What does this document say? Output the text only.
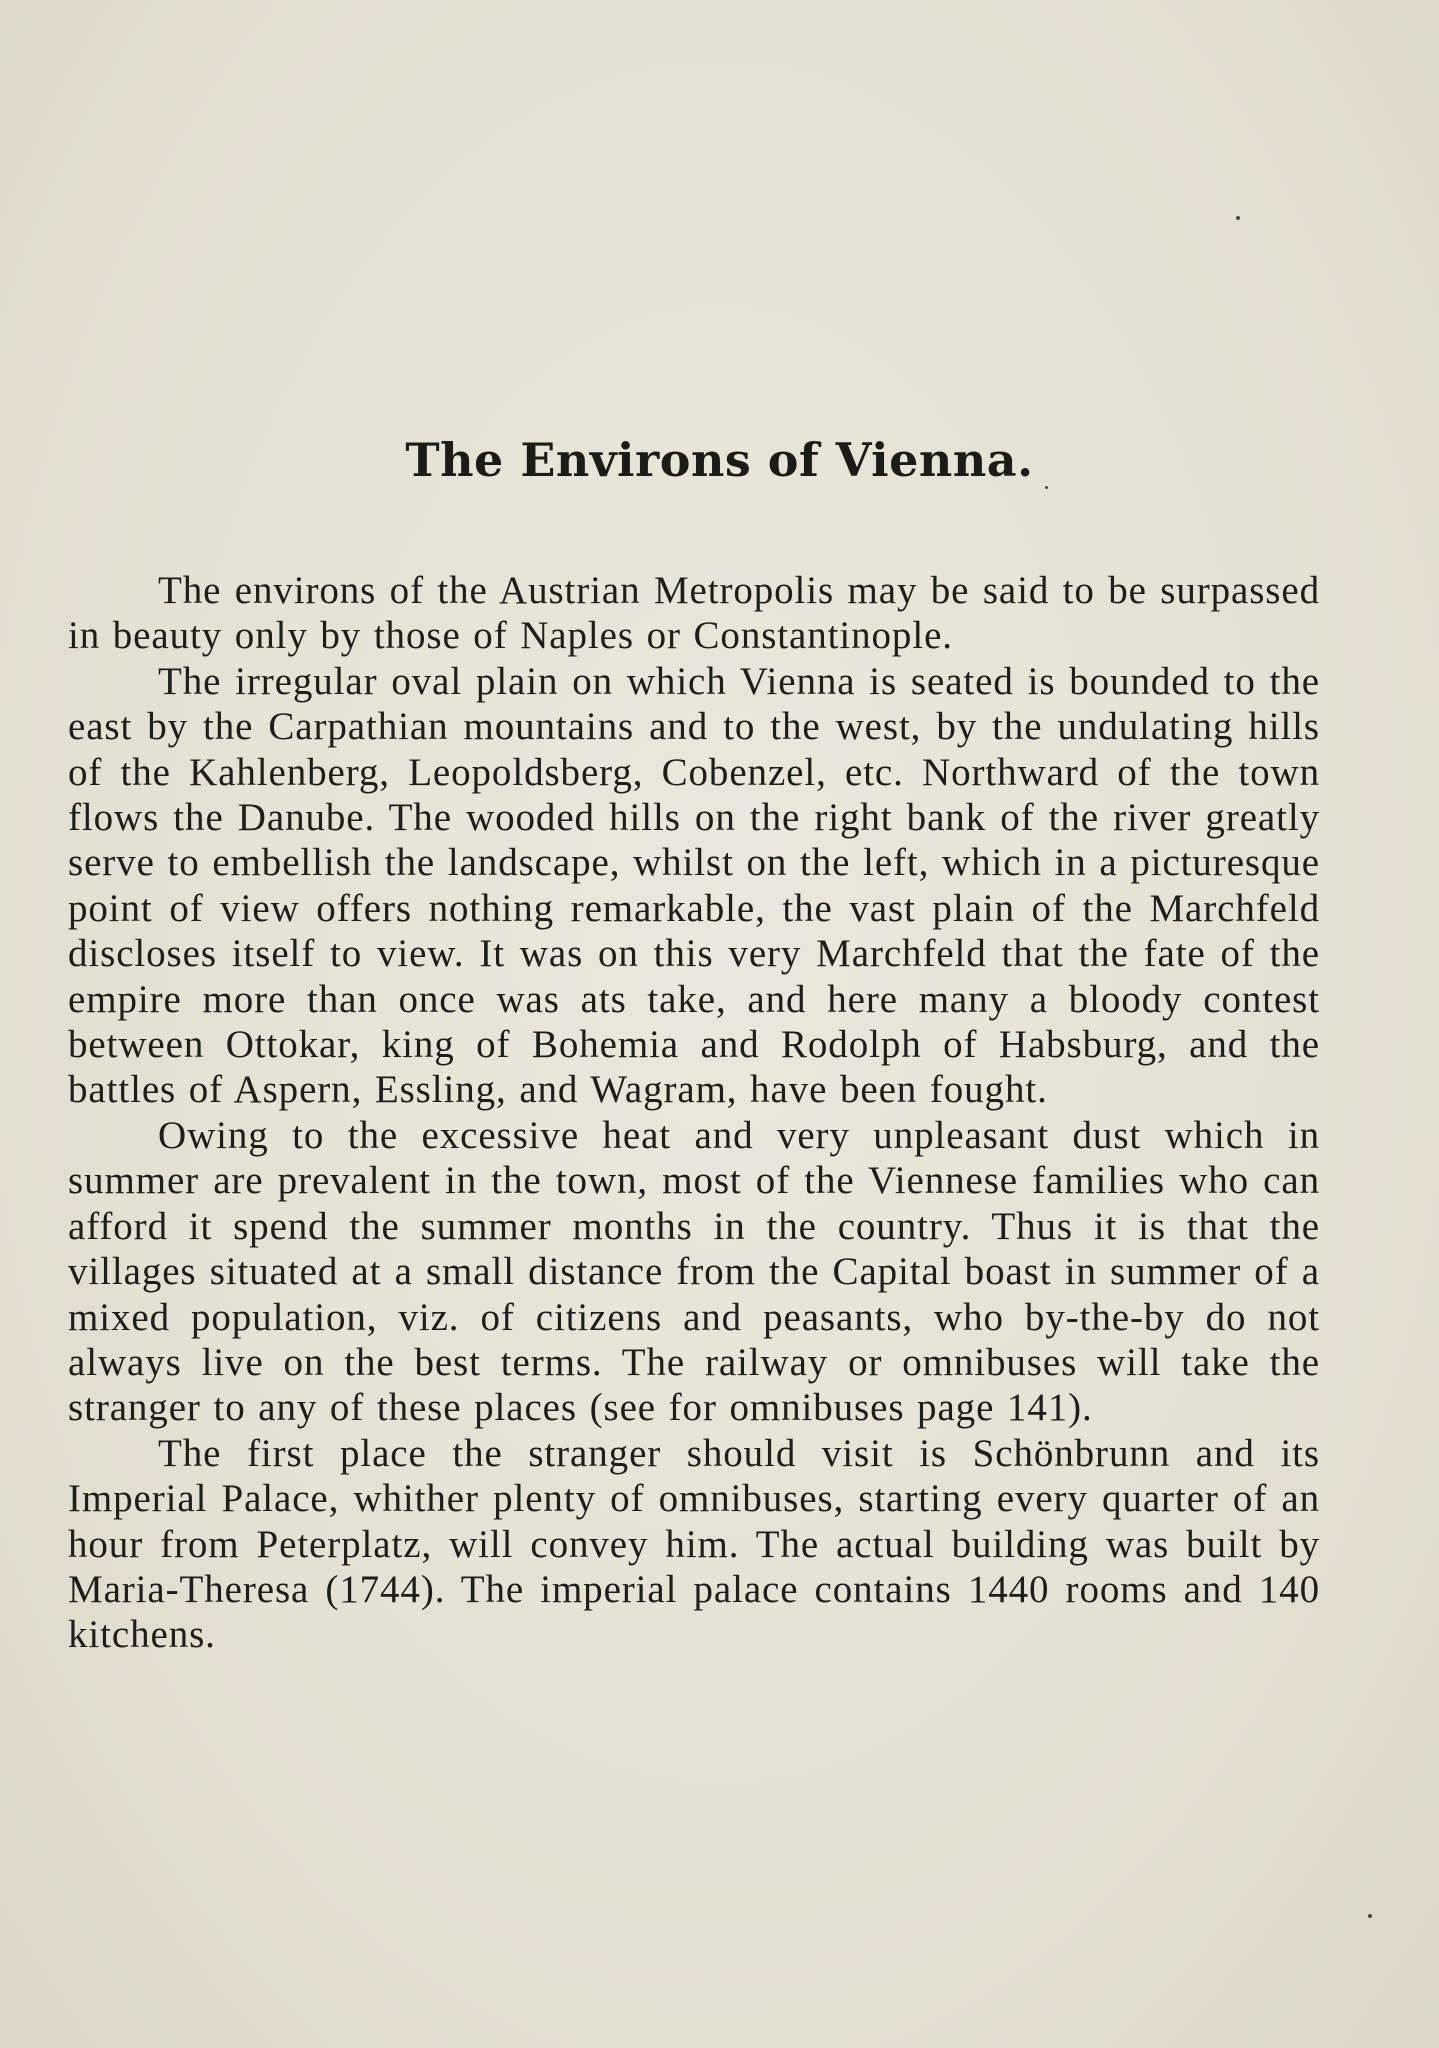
The Environs of Vienna.

The environs of the Austrian Metropolis may be said to be surpassed in beauty only by those of Naples or Constantinople.

The irregular oval plain on which Vienna is seated is bounded to the east by the Carpathian mountains and to the west, by the undulating hills of the Kahlenberg, Leopoldsberg, Cobenzel, etc. Northward of the town flows the Danube. The wooded hills on the right bank of the river greatly serve to embellish the landscape, whilst on the left, which in a picturesque point of view offers nothing remarkable, the vast plain of the Marchfeld discloses itself to view. It was on this very Marchfeld that the fate of the empire more than once was ats take, and here many a bloody contest between Ottokar, king of Bohemia and Rodolph of Habsburg, and the battles of Aspern, Essling, and Wagram, have been fought.

Owing to the excessive heat and very unpleasant dust which in summer are prevalent in the town, most of the Viennese families who can afford it spend the summer months in the country. Thus it is that the villages situated at a small distance from the Capital boast in summer of a mixed population, viz. of citizens and peasants, who by-the-by do not always live on the best terms. The railway or omnibuses will take the stranger to any of these places (see for omnibuses page 141).

The first place the stranger should visit is Schönbrunn and its Imperial Palace, whither plenty of omnibuses, starting every quarter of an hour from Peterplatz, will convey him. The actual building was built by Maria-Theresa (1744). The imperial palace contains 1440 rooms and 140 kitchens.
